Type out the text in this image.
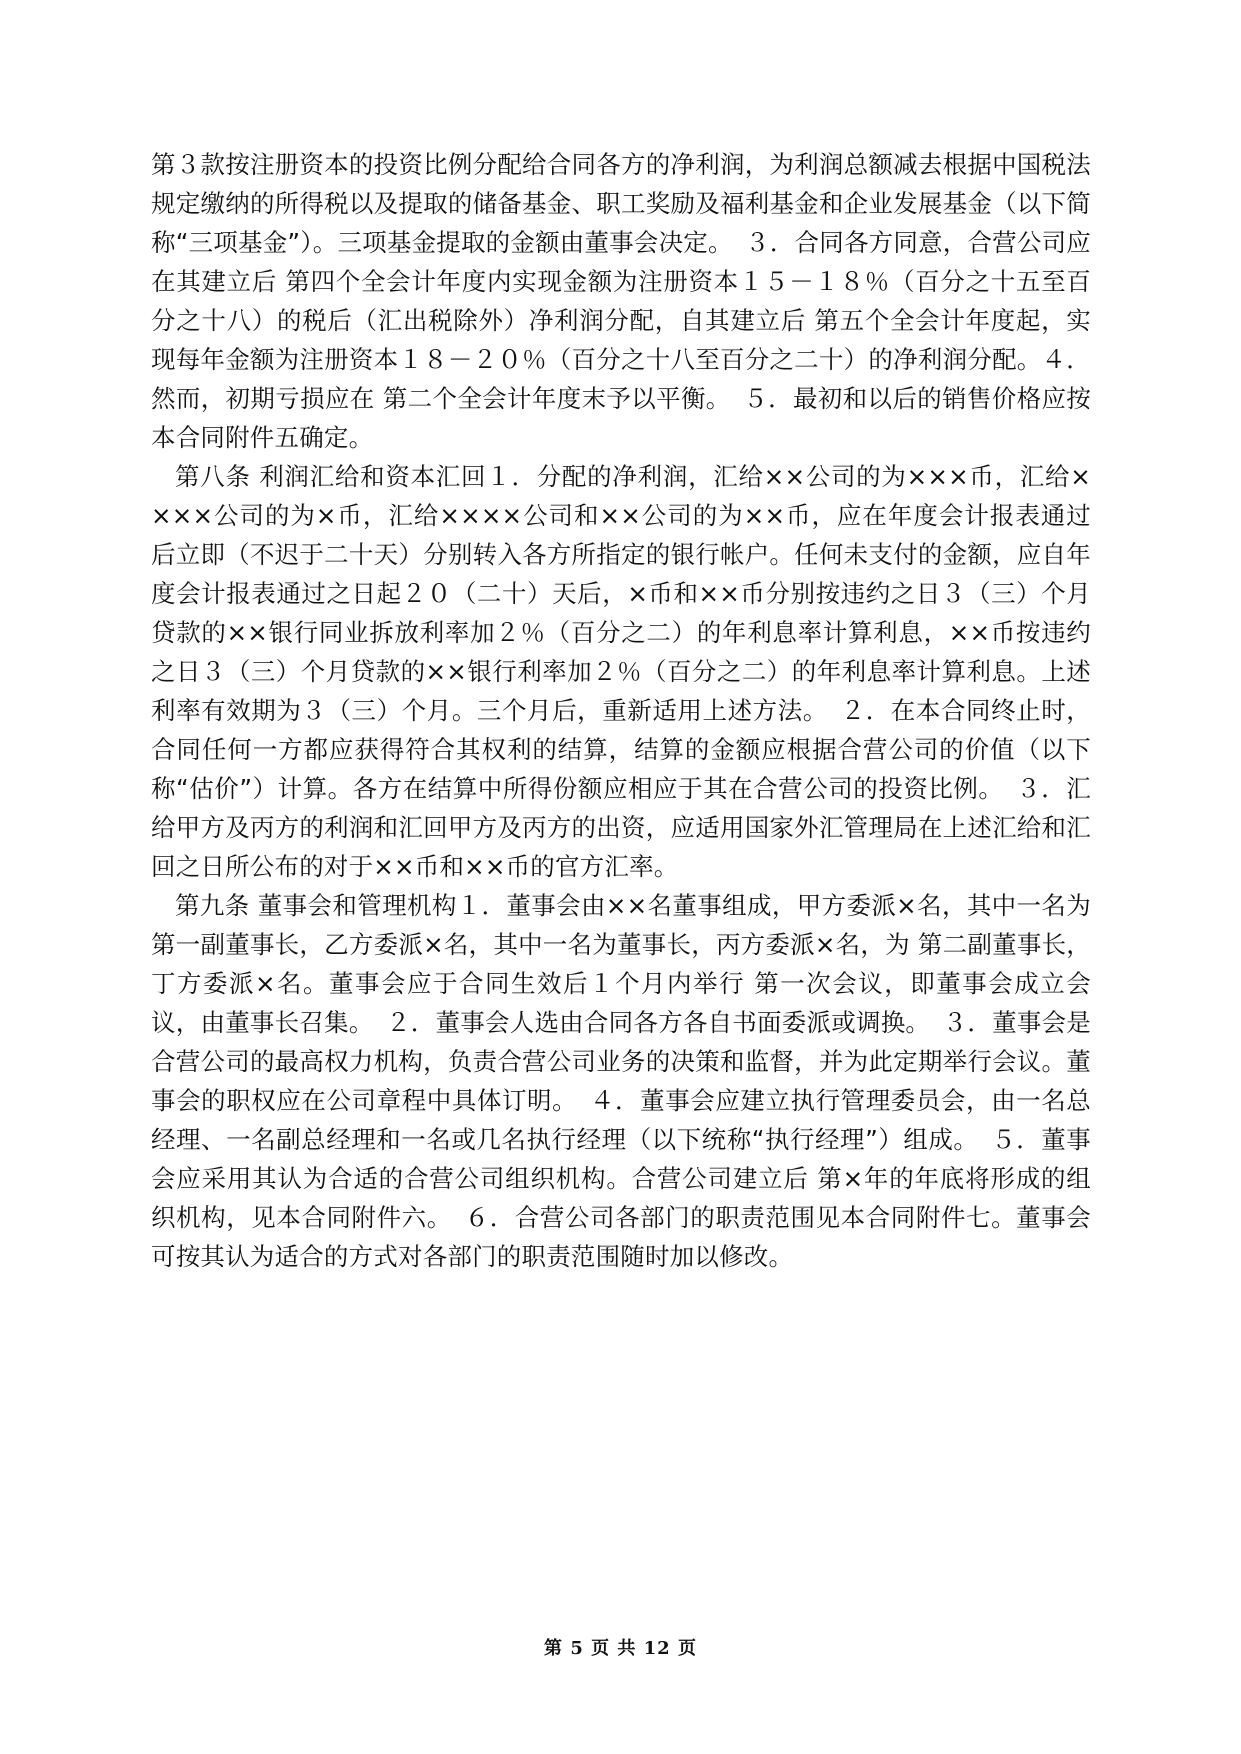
第３款按注册资本的投资比例分配给合同各方的净利润，为利润总额减去根据中国税法规定缴纳的所得税以及提取的储备基金、职工奖励及福利基金和企业发展基金（以下简称“三项基金”）。三项基金提取的金额由董事会决定。　３．合同各方同意，合营公司应在其建立后 第四个全会计年度内实现金额为注册资本１５－１８％（百分之十五至百分之十八）的税后（汇出税除外）净利润分配，自其建立后 第五个全会计年度起，实现每年金额为注册资本１８－２０％（百分之十八至百分之二十）的净利润分配。４．然而，初期亏损应在 第二个全会计年度末予以平衡。　５．最初和以后的销售价格应按本合同附件五确定。

第八条 利润汇给和资本汇回１．分配的净利润，汇给××公司的为×××币，汇给××××公司的为×币，汇给××××公司和××公司的为××币，应在年度会计报表通过后立即（不迟于二十天）分别转入各方所指定的银行帐户。任何未支付的金额，应自年度会计报表通过之日起２０（二十）天后，×币和××币分别按违约之日３（三）个月贷款的××银行同业拆放利率加２％（百分之二）的年利息率计算利息，××币按违约之日３（三）个月贷款的××银行利率加２％（百分之二）的年利息率计算利息。上述利率有效期为３（三）个月。三个月后，重新适用上述方法。　２．在本合同终止时，合同任何一方都应获得符合其权利的结算，结算的金额应根据合营公司的价值（以下称“估价”）计算。各方在结算中所得份额应相应于其在合营公司的投资比例。　３．汇给甲方及丙方的利润和汇回甲方及丙方的出资，应适用国家外汇管理局在上述汇给和汇回之日所公布的对于××币和××币的官方汇率。

第九条 董事会和管理机构１．董事会由××名董事组成，甲方委派×名，其中一名为 第一副董事长，乙方委派×名，其中一名为董事长，丙方委派×名，为 第二副董事长，丁方委派×名。董事会应于合同生效后１个月内举行 第一次会议，即董事会成立会议，由董事长召集。　２．董事会人选由合同各方各自书面委派或调换。　３．董事会是合营公司的最高权力机构，负责合营公司业务的决策和监督，并为此定期举行会议。董事会的职权应在公司章程中具体订明。　４．董事会应建立执行管理委员会，由一名总经理、一名副总经理和一名或几名执行经理（以下统称“执行经理”）组成。　５．董事会应采用其认为合适的合营公司组织机构。合营公司建立后 第×年的年底将形成的组织机构，见本合同附件六。　６．合营公司各部门的职责范围见本合同附件七。董事会可按其认为适合的方式对各部门的职责范围随时加以修改。

第 5 页 共 12 页
